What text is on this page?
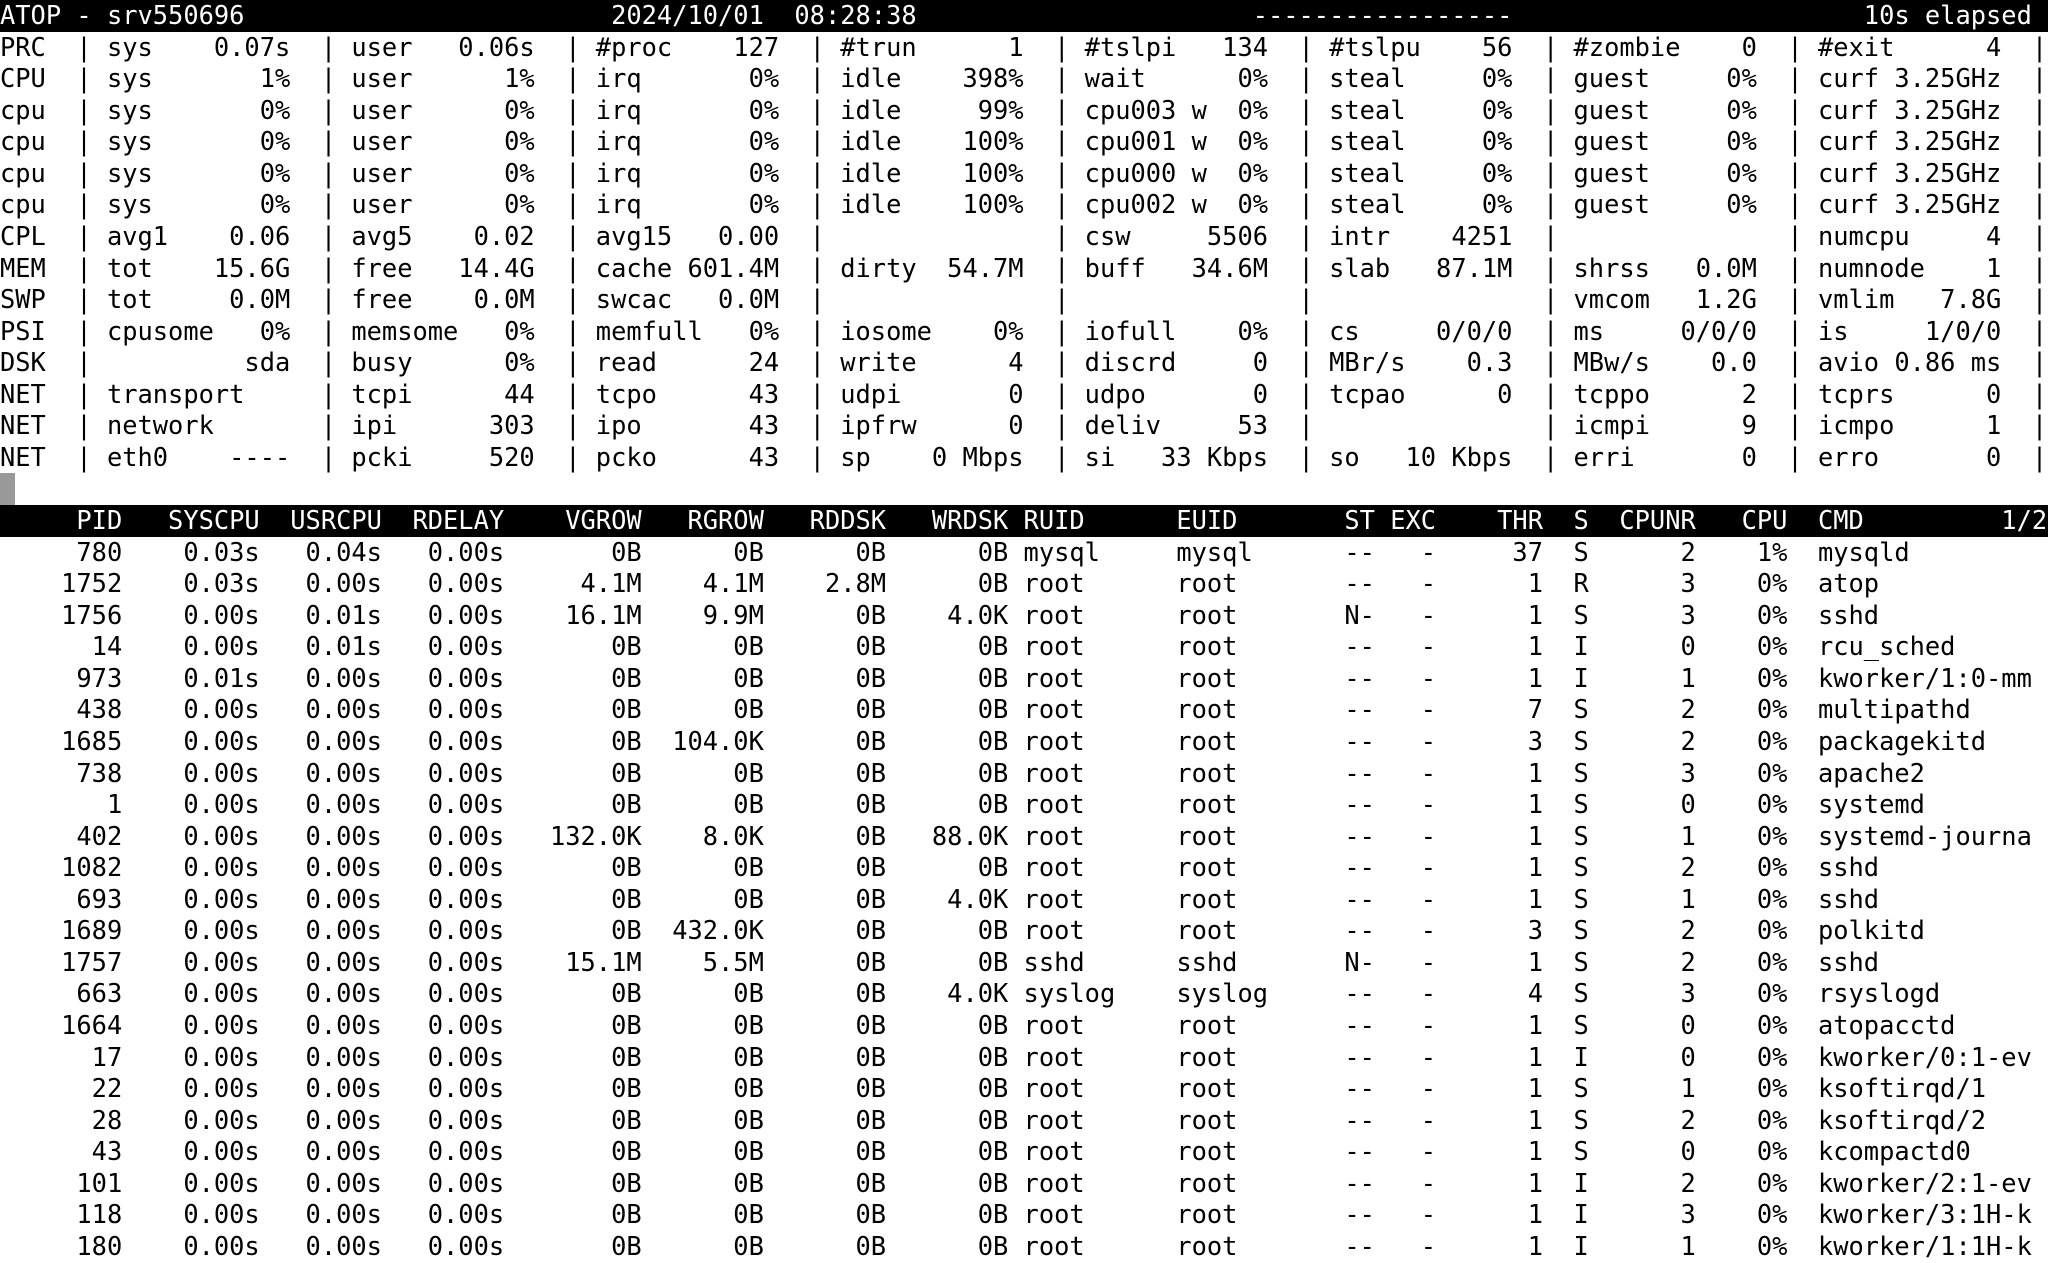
ATOP - srv550696

	2024/10/01  08:28:38

	-----------------

	10s elapsed

PRC  | sys    0.07s  | user   0.06s  | #proc    127  | #trun      1  | #tslpi   134  | #tslpu    56  | #zombie    0  | #exit      4  |
CPU  | sys       1%  | user      1%  | irq       0%  | idle    398%  | wait      0%  | steal     0%  | guest     0%  | curf 3.25GHz  |
cpu  | sys       0%  | user      0%  | irq       0%  | idle     99%  | cpu003 w  0%  | steal     0%  | guest     0%  | curf 3.25GHz  |
cpu  | sys       0%  | user      0%  | irq       0%  | idle    100%  | cpu001 w  0%  | steal     0%  | guest     0%  | curf 3.25GHz  |
cpu  | sys       0%  | user      0%  | irq       0%  | idle    100%  | cpu000 w  0%  | steal     0%  | guest     0%  | curf 3.25GHz  |
cpu  | sys       0%  | user      0%  | irq       0%  | idle    100%  | cpu002 w  0%  | steal     0%  | guest     0%  | curf 3.25GHz  |
CPL  | avg1    0.06  | avg5    0.02  | avg15   0.00  |               | csw     5506  | intr    4251  |               | numcpu     4  |
MEM  | tot    15.6G  | free   14.4G  | cache 601.4M  | dirty  54.7M  | buff   34.6M  | slab   87.1M  | shrss   0.0M  | numnode    1  |
SWP  | tot     0.0M  | free    0.0M  | swcac   0.0M  |               |               |               | vmcom   1.2G  | vmlim   7.8G  |
PSI  | cpusome   0%  | memsome   0%  | memfull   0%  | iosome    0%  | iofull    0%  | cs     0/0/0  | ms     0/0/0  | is     1/0/0  |
DSK  |          sda  | busy      0%  | read      24  | write      4  | discrd     0  | MBr/s    0.3  | MBw/s    0.0  | avio 0.86 ms  |
NET  | transport     | tcpi      44  | tcpo      43  | udpi       0  | udpo       0  | tcpao      0  | tcppo      2  | tcprs      0  |
NET  | network       | ipi      303  | ipo       43  | ipfrw      0  | deliv     53  |               | icmpi      9  | icmpo      1  |
NET  | eth0    ----  | pcki     520  | pcko      43  | sp    0 Mbps  | si   33 Kbps  | so   10 Kbps  | erri       0  | erro       0  |
PID   SYSCPU  USRCPU  RDELAY    VGROW   RGROW   RDDSK   WRDSK RUID      EUID       ST EXC    THR  S  CPUNR   CPU  CMD         1/2
780    0.03s   0.04s   0.00s       0B      0B      0B      0B mysql     mysql      --   -     37  S      2    1%  mysqld
1752    0.03s   0.00s   0.00s     4.1M    4.1M    2.8M      0B root      root       --   -      1  R      3    0%  atop
1756    0.00s   0.01s   0.00s    16.1M    9.9M      0B    4.0K root      root       N-   -      1  S      3    0%  sshd
14    0.00s   0.01s   0.00s       0B      0B      0B      0B root      root       --   -      1  I      0    0%  rcu_sched
973    0.01s   0.00s   0.00s       0B      0B      0B      0B root      root       --   -      1  I      1    0%  kworker/1:0-mm
438    0.00s   0.00s   0.00s       0B      0B      0B      0B root      root       --   -      7  S      2    0%  multipathd
1685    0.00s   0.00s   0.00s       0B  104.0K      0B      0B root      root       --   -      3  S      2    0%  packagekitd
738    0.00s   0.00s   0.00s       0B      0B      0B      0B root      root       --   -      1  S      3    0%  apache2
1    0.00s   0.00s   0.00s       0B      0B      0B      0B root      root       --   -      1  S      0    0%  systemd
402    0.00s   0.00s   0.00s   132.0K    8.0K      0B   88.0K root      root       --   -      1  S      1    0%  systemd-journa
1082    0.00s   0.00s   0.00s       0B      0B      0B      0B root      root       --   -      1  S      2    0%  sshd
693    0.00s   0.00s   0.00s       0B      0B      0B    4.0K root      root       --   -      1  S      1    0%  sshd
1689    0.00s   0.00s   0.00s       0B  432.0K      0B      0B root      root       --   -      3  S      2    0%  polkitd
1757    0.00s   0.00s   0.00s    15.1M    5.5M      0B      0B sshd      sshd       N-   -      1  S      2    0%  sshd
663    0.00s   0.00s   0.00s       0B      0B      0B    4.0K syslog    syslog     --   -      4  S      3    0%  rsyslogd
1664    0.00s   0.00s   0.00s       0B      0B      0B      0B root      root       --   -      1  S      0    0%  atopacctd
17    0.00s   0.00s   0.00s       0B      0B      0B      0B root      root       --   -      1  I      0    0%  kworker/0:1-ev
22    0.00s   0.00s   0.00s       0B      0B      0B      0B root      root       --   -      1  S      1    0%  ksoftirqd/1
28    0.00s   0.00s   0.00s       0B      0B      0B      0B root      root       --   -      1  S      2    0%  ksoftirqd/2
43    0.00s   0.00s   0.00s       0B      0B      0B      0B root      root       --   -      1  S      0    0%  kcompactd0
101    0.00s   0.00s   0.00s       0B      0B      0B      0B root      root       --   -      1  I      2    0%  kworker/2:1-ev
118    0.00s   0.00s   0.00s       0B      0B      0B      0B root      root       --   -      1  I      3    0%  kworker/3:1H-k
180    0.00s   0.00s   0.00s       0B      0B      0B      0B root      root       --   -      1  I      1    0%  kworker/1:1H-k
